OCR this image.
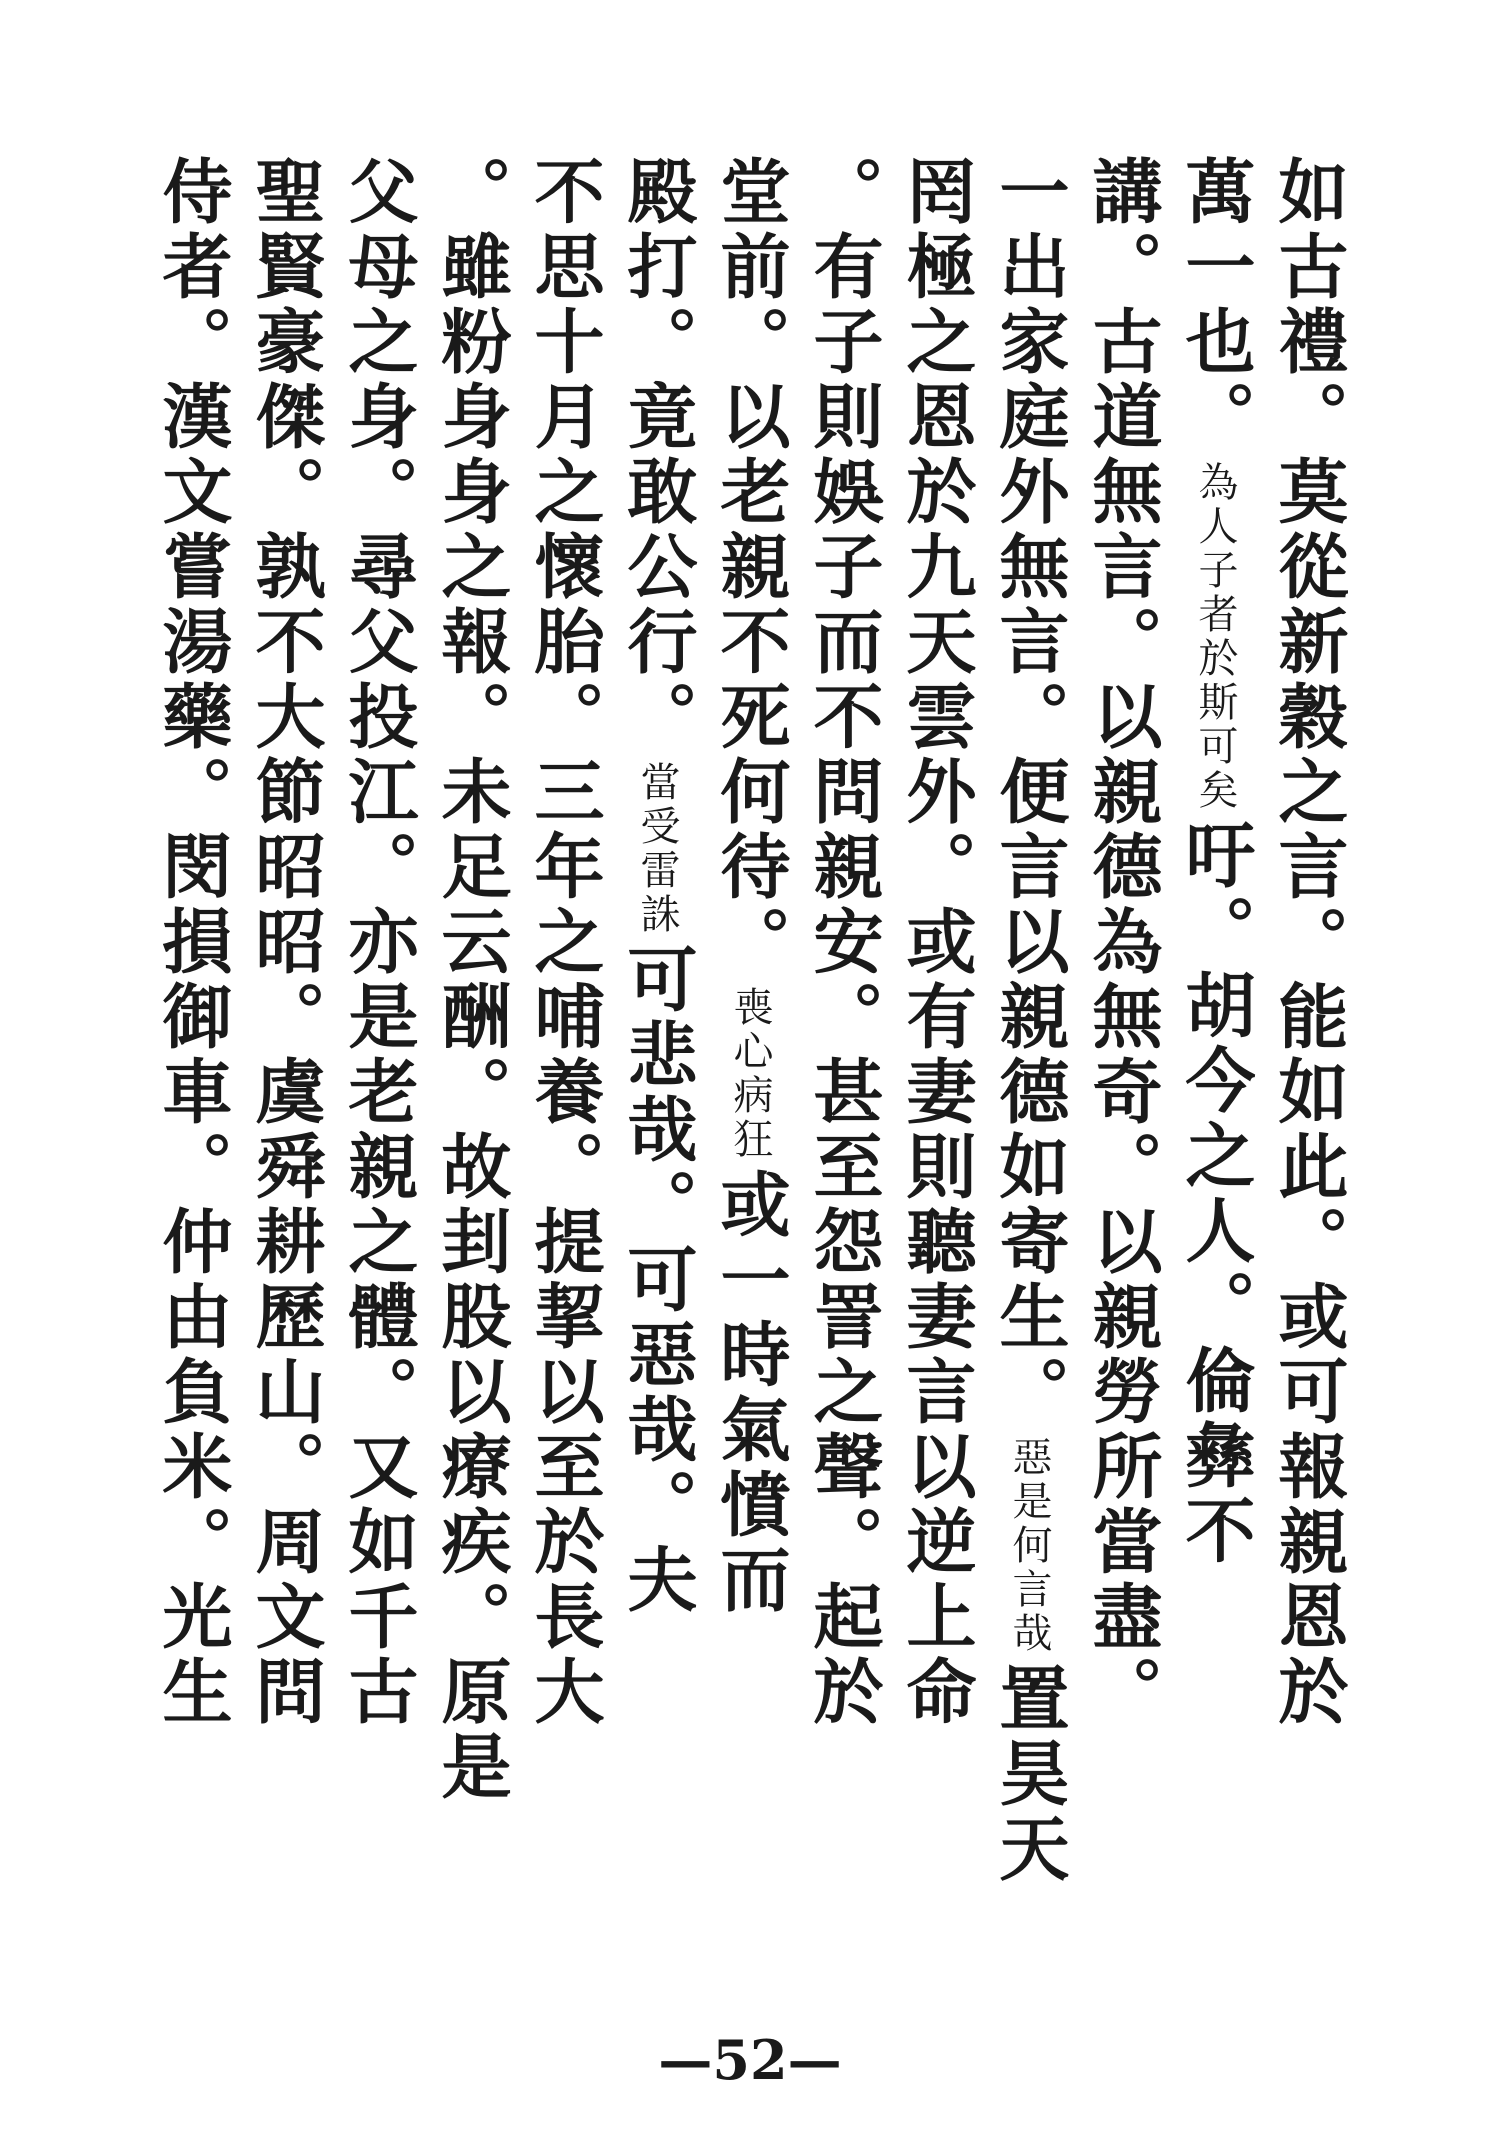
如古禮。莫從新穀之言。能如此。或可報親恩於
萬一也。
為人子者於斯可矣
吁。胡今之人。倫彝不
講。古道無言。以親德為無奇。以親勞所當盡。
一出家庭外無言。便言以親德如寄生。
惡是何言哉
置昊天
罔極之恩於九天雲外。或有妻則聽妻言以逆上命
。有子則娛子而不問親安。甚至怨詈之聲。起於
堂前。以老親不死何待。
喪心病狂
或一時氣憤而
殿打。竟敢公行。
當受雷誅
可悲哉。可惡哉。夫
不思十月之懷胎。三年之哺養。提挈以至於長大
。雖粉身身之報。未足云酬。故刲股以療疾。原是
父母之身。尋父投江。亦是老親之體。又如千古
聖賢豪傑。孰不大節昭昭。虞舜耕歷山。周文問
侍者。漢文嘗湯藥。閔損御車。仲由負米。光生
—52—
